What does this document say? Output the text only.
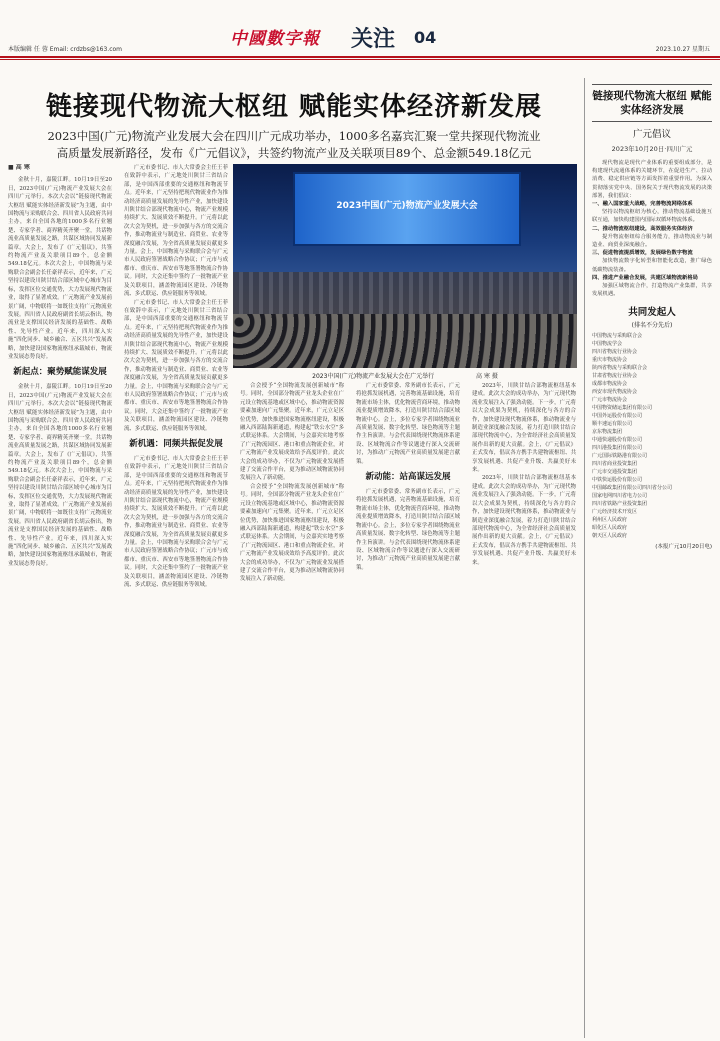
本版编辑 任 蓉 Email: crdzbs@163.com
中國數字報 关注 04
2023.10.27 星期五
链接现代物流大枢纽 赋能实体经济新发展
2023中国(广元)物流产业发展大会在四川广元成功举办，1000多名嘉宾汇聚一堂共探现代物流业
高质量发展新路径，发布《广元倡议》，共签约物流产业及关联项目89个、总金额549.18亿元
■ 高 寒

金秋十月，嘉陵江畔。10月19日至20日，2023中国(广元)物流产业发展大会在四川广元举行。本次大会以“链接现代物流大枢纽 赋能实体经济新发展”为主题，由中国物流与采购联合会、四川省人民政府共同主办，来自全国各地的1000多名行业翘楚、专家学者、商界精英齐聚一堂，共话物流业高质量发展之路，共谋区域协同发展新篇章。大会上，发布了《广元倡议》，共签约物流产业及关联项目89个，总金额549.18亿元。本次大会上，中国物流与采购联合会副会长任豪祥表示，近年来，广元坚持以建设川陕甘结合部区域中心城市为目标，发挥区位交通优势，大力发展现代物流业，取得了显著成效。广元物流产业发展前景广阔，中物联将一如既往支持广元物流业发展。四川省人民政府副省长胡云指出，物流业是支撑国民经济发展的基础性、战略性、先导性产业。近年来，四川深入实施“四化同步、城乡融合、五区共兴”发展战略，加快建设国家物流枢纽承载城市，物流业发展态势良好。

新起点：聚势赋能谋发展

金秋十月，嘉陵江畔。10月19日至20日，2023中国(广元)物流产业发展大会在四川广元举行。本次大会以“链接现代物流大枢纽 赋能实体经济新发展”为主题，由中国物流与采购联合会、四川省人民政府共同主办，来自全国各地的1000多名行业翘楚、专家学者、商界精英齐聚一堂，共话物流业高质量发展之路，共谋区域协同发展新篇章。大会上，发布了《广元倡议》，共签约物流产业及关联项目89个，总金额549.18亿元。本次大会上，中国物流与采购联合会副会长任豪祥表示，近年来，广元坚持以建设川陕甘结合部区域中心城市为目标，发挥区位交通优势，大力发展现代物流业，取得了显著成效。广元物流产业发展前景广阔，中物联将一如既往支持广元物流业发展。四川省人民政府副省长胡云指出，物流业是支撑国民经济发展的基础性、战略性、先导性产业。近年来，四川深入实施“四化同步、城乡融合、五区共兴”发展战略，加快建设国家物流枢纽承载城市，物流业发展态势良好。

广元市委书记、市人大常委会主任王菲在致辞中表示，广元地处川陕甘三省结合部，是中国西部重要的交通枢纽和物流节点。近年来，广元坚持把现代物流业作为推动经济高质量发展的先导性产业，加快建设川陕甘结合部现代物流中心，物流产业规模持续扩大、发展质效不断提升。广元将以此次大会为契机，进一步加强与各方的交流合作，推动物流业与制造业、商贸业、农业等深度融合发展，为全省高质量发展贡献更多力量。会上，中国物流与采购联合会与广元市人民政府签署战略合作协议；广元市与成都市、重庆市、西安市等地签署物流合作协议。同时，大会还集中签约了一批物流产业及关联项目，涵盖物流园区建设、冷链物流、多式联运、供应链服务等领域。

广元市委书记、市人大常委会主任王菲在致辞中表示，广元地处川陕甘三省结合部，是中国西部重要的交通枢纽和物流节点。近年来，广元坚持把现代物流业作为推动经济高质量发展的先导性产业，加快建设川陕甘结合部现代物流中心，物流产业规模持续扩大、发展质效不断提升。广元将以此次大会为契机，进一步加强与各方的交流合作，推动物流业与制造业、商贸业、农业等深度融合发展，为全省高质量发展贡献更多力量。会上，中国物流与采购联合会与广元市人民政府签署战略合作协议；广元市与成都市、重庆市、西安市等地签署物流合作协议。同时，大会还集中签约了一批物流产业及关联项目，涵盖物流园区建设、冷链物流、多式联运、供应链服务等领域。

新机遇：同频共振促发展

广元市委书记、市人大常委会主任王菲在致辞中表示，广元地处川陕甘三省结合部，是中国西部重要的交通枢纽和物流节点。近年来，广元坚持把现代物流业作为推动经济高质量发展的先导性产业，加快建设川陕甘结合部现代物流中心，物流产业规模持续扩大、发展质效不断提升。广元将以此次大会为契机，进一步加强与各方的交流合作，推动物流业与制造业、商贸业、农业等深度融合发展，为全省高质量发展贡献更多力量。会上，中国物流与采购联合会与广元市人民政府签署战略合作协议；广元市与成都市、重庆市、西安市等地签署物流合作协议。同时，大会还集中签约了一批物流产业及关联项目，涵盖物流园区建设、冷链物流、多式联运、供应链服务等领域。

合会授予“全国物流发展创新城市”称号。同时，全国部分物流产业龙头企业在广元设立物流基地或区域中心，推动物流资源要素加速向广元集聚。近年来，广元立足区位优势，加快推进国家物流枢纽建设，积极融入西部陆海新通道，构建起“铁公水空”多式联运体系。大会期间，与会嘉宾实地考察了广元物流园区、港口和重点物流企业，对广元物流产业发展成效给予高度评价。此次大会的成功举办，不仅为广元物流业发展搭建了交流合作平台，更为推动区域物流协同发展注入了新动能。

合会授予“全国物流发展创新城市”称号。同时，全国部分物流产业龙头企业在广元设立物流基地或区域中心，推动物流资源要素加速向广元集聚。近年来，广元立足区位优势，加快推进国家物流枢纽建设，积极融入西部陆海新通道，构建起“铁公水空”多式联运体系。大会期间，与会嘉宾实地考察了广元物流园区、港口和重点物流企业，对广元物流产业发展成效给予高度评价。此次大会的成功举办，不仅为广元物流业发展搭建了交流合作平台，更为推动区域物流协同发展注入了新动能。

广元市委常委、常务副市长表示，广元将抢抓发展机遇，完善物流基础设施，培育物流市场主体，优化物流营商环境，推动物流业提质增效降本，打造川陕甘结合部区域物流中心。会上，多位专家学者围绕物流业高质量发展、数字化转型、绿色物流等主题作主旨演讲。与会代表围绕现代物流体系建设、区域物流合作等议题进行深入交流研讨，为推动广元物流产业高质量发展建言献策。

新动能：站高谋远发展

广元市委常委、常务副市长表示，广元将抢抓发展机遇，完善物流基础设施，培育物流市场主体，优化物流营商环境，推动物流业提质增效降本，打造川陕甘结合部区域物流中心。会上，多位专家学者围绕物流业高质量发展、数字化转型、绿色物流等主题作主旨演讲。与会代表围绕现代物流体系建设、区域物流合作等议题进行深入交流研讨，为推动广元物流产业高质量发展建言献策。

2023年，川陕甘结合部物流枢纽基本建成。此次大会的成功举办，为广元现代物流业发展注入了强劲动能。下一步，广元将以大会成果为契机，持续深化与各方的合作，加快建设现代物流体系，推动物流业与制造业深度融合发展，着力打造川陕甘结合部现代物流中心，为全省经济社会高质量发展作出新的更大贡献。会上，《广元倡议》正式发布，倡议各方携手共建物流枢纽、共享发展机遇、共促产业升级、共赢美好未来。

2023年，川陕甘结合部物流枢纽基本建成。此次大会的成功举办，为广元现代物流业发展注入了强劲动能。下一步，广元将以大会成果为契机，持续深化与各方的合作，加快建设现代物流体系，推动物流业与制造业深度融合发展，着力打造川陕甘结合部现代物流中心，为全省经济社会高质量发展作出新的更大贡献。会上，《广元倡议》正式发布，倡议各方携手共建物流枢纽、共享发展机遇、共促产业升级、共赢美好未来。

2023中国(广元)物流产业发展大会
2023中国(广元)物流产业发展大会在广元举行	高 寒 摄
链接现代物流大枢纽 赋能实体经济发展
广元倡议
2023年10月20日·四川广元

现代物流是现代产业体系的重要组成部分，是构建现代流通体系的关键环节，在促进生产、拉动消费、稳定供应链等方面发挥着重要作用。为深入贯彻落实党中央、国务院关于现代物流发展的决策部署，我们倡议：

一、融入国家重大战略，完善物流网络体系

坚持以物流枢纽为核心，推动物流基础设施互联互通，加快构建国内国际双循环物流体系。

二、推动物流枢纽建设，高效服务实体经济

提升物流枢纽综合服务能力，推动物流业与制造业、商贸业深度融合。

三、促进物流提质增效，发展绿色数字物流

加快物流数字化转型和智能化改造，推广绿色低碳物流装备。

四、推进产业融合发展，共建区域物流新格局

加强区域物流合作，打造物流产业集群，共享发展机遇。

共同发起人
(排名不分先后)
中国物流与采购联合会
中国物流学会
四川省物流行业协会
重庆市物流协会
陕西省物流与采购联合会
甘肃省物流行业协会
成都市物流协会
西安市现代物流协会
广元市物流协会
中国物资储运集团有限公司
中国外运股份有限公司
顺丰速运有限公司
京东物流集团
中通快递股份有限公司
四川港投集团有限公司
广元国际铁路港有限公司
四川省商业投资集团
广元市交通投资集团
中铁快运股份有限公司
中国邮政集团有限公司四川省分公司
国家电网四川省电力公司
四川省铁路产业投资集团
广元经济技术开发区
利州区人民政府
昭化区人民政府
朝天区人民政府
(本报广元10月20日电)
